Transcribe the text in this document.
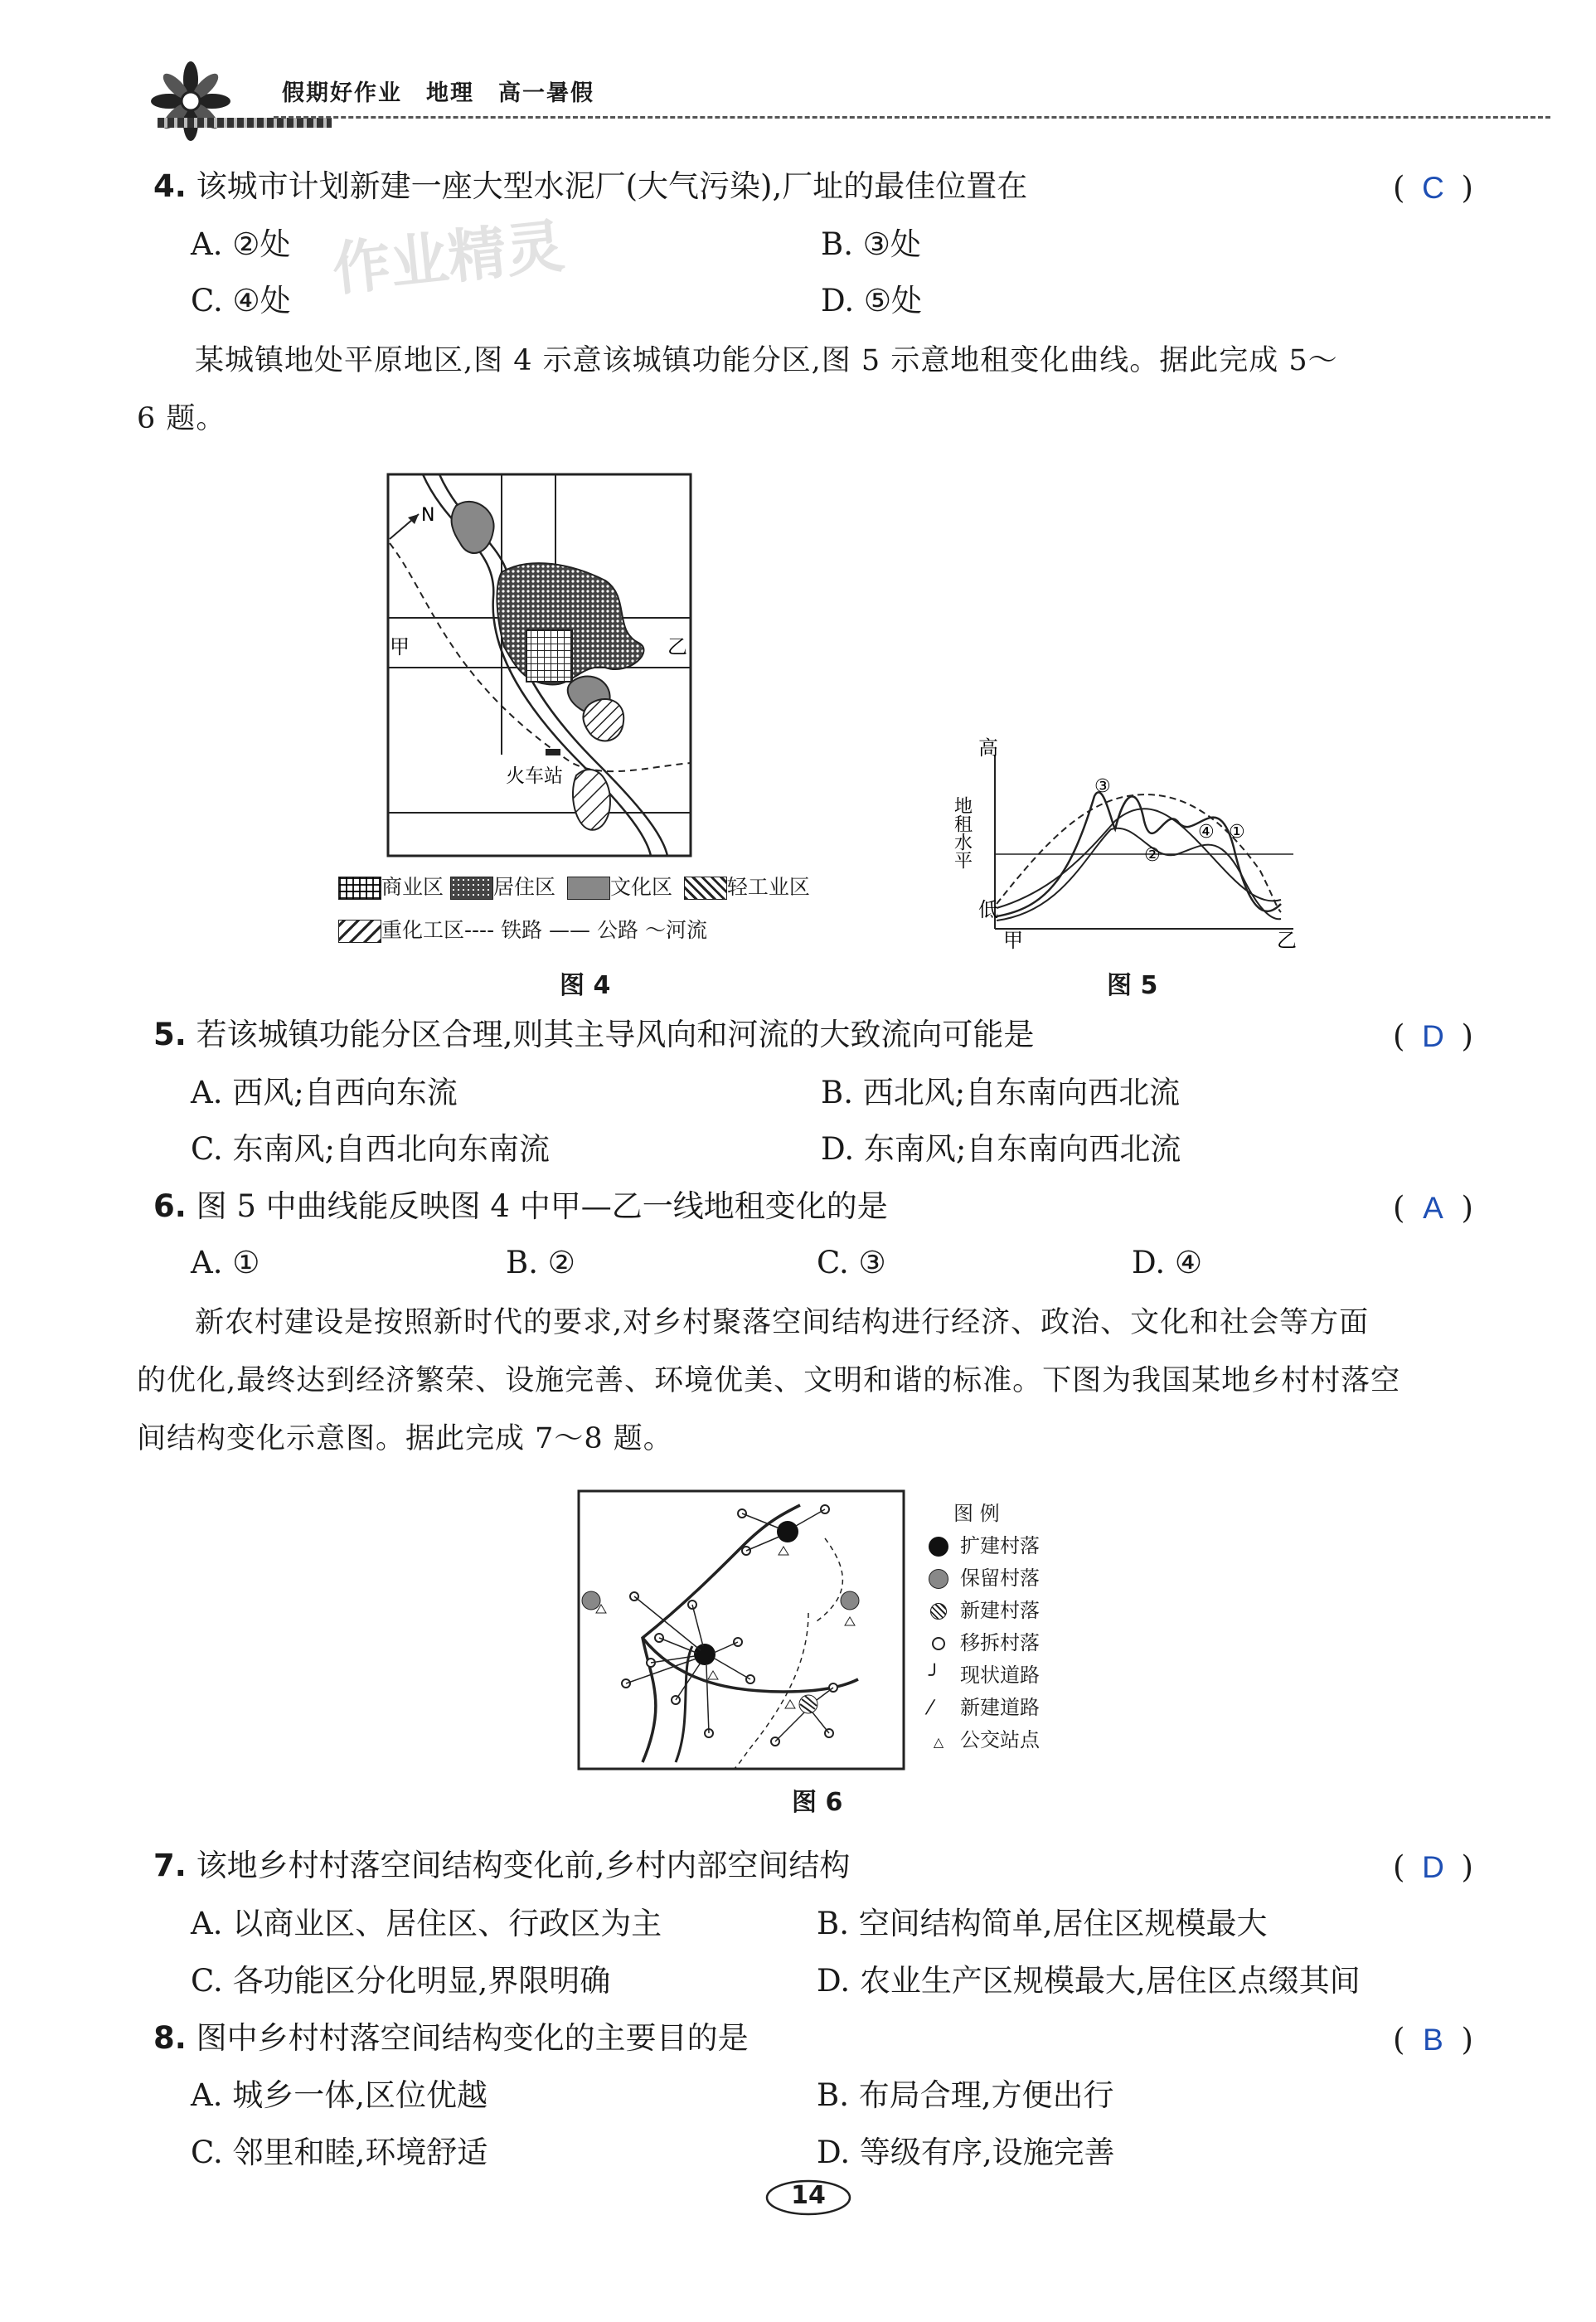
假期好作业　地理　高一暑假
作业精灵
4. 该城市计划新建一座大型水泥厂(大气污染),厂址的最佳位置在	( C )
A. ②处	B. ③处
C. ④处	D. ⑤处
某城镇地处平原地区,图 4 示意该城镇功能分区,图 5 示意地租变化曲线。据此完成 5～
6 题。
N
甲	乙
火车站
商业区 居住区	文化区	轻工业区
重化工区---- 铁路 —— 公路 〜河流
图 4
高
低
地租水平
甲	乙
③
①
②
④
图 5
5. 若该城镇功能分区合理,则其主导风向和河流的大致流向可能是	( D )
A. 西风;自西向东流	B. 西北风;自东南向西北流
C. 东南风;自西北向东南流	D. 东南风;自东南向西北流
6. 图 5 中曲线能反映图 4 中甲—乙一线地租变化的是	( A )
A. ①	B. ②	C. ③	D. ④
新农村建设是按照新时代的要求,对乡村聚落空间结构进行经济、政治、文化和社会等方面
的优化,最终达到经济繁荣、设施完善、环境优美、文明和谐的标准。下图为我国某地乡村村落空
间结构变化示意图。据此完成 7～8 题。
图 例
扩建村落
保留村落
新建村落
移拆村落
╯ 现状道路
⁄ 新建道路
△ 公交站点
图 6
7. 该地乡村村落空间结构变化前,乡村内部空间结构	( D )
A. 以商业区、居住区、行政区为主	B. 空间结构简单,居住区规模最大
C. 各功能区分化明显,界限明确	D. 农业生产区规模最大,居住区点缀其间
8. 图中乡村村落空间结构变化的主要目的是	( B )
A. 城乡一体,区位优越	B. 布局合理,方便出行
C. 邻里和睦,环境舒适	D. 等级有序,设施完善
14
